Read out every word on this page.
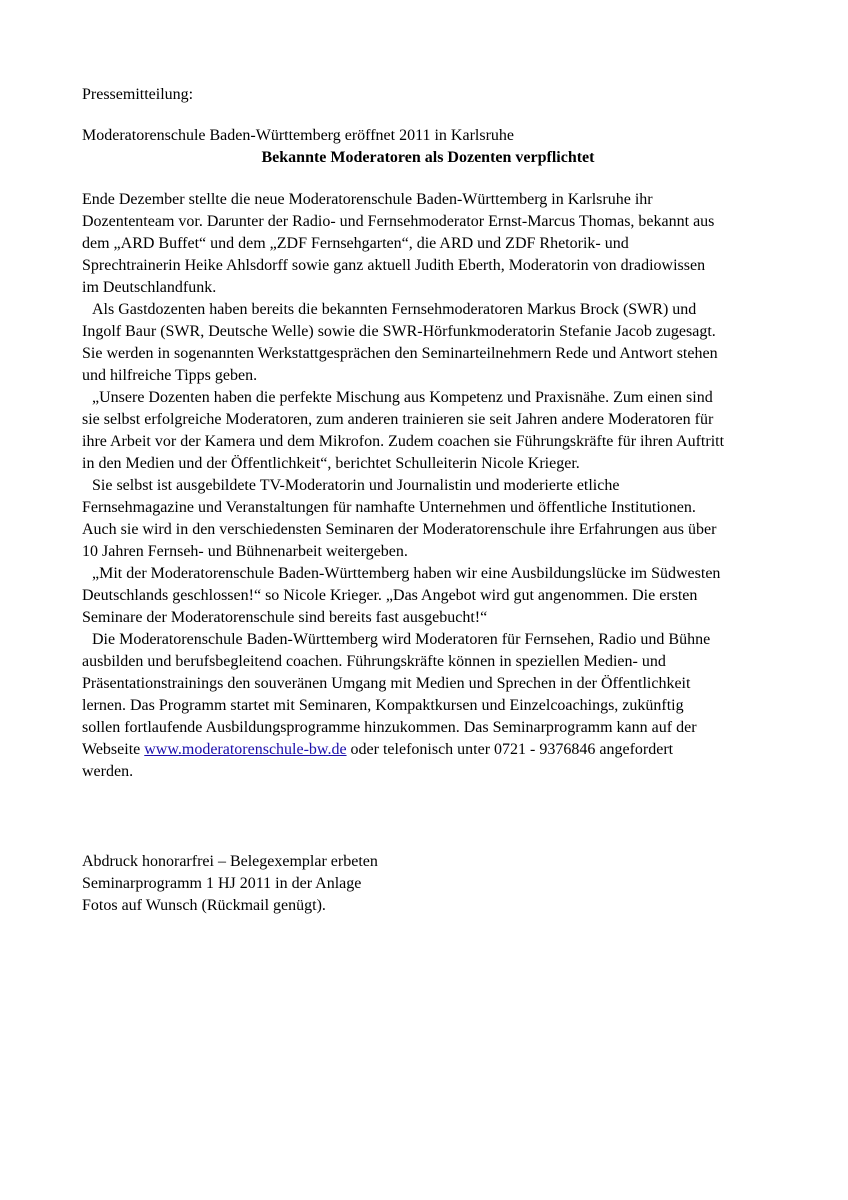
Pressemitteilung:
Moderatorenschule Baden-Württemberg eröffnet 2011 in Karlsruhe
Bekannte Moderatoren als Dozenten verpflichtet
Ende Dezember stellte die neue Moderatorenschule Baden-Württemberg in Karlsruhe ihr
Dozententeam vor. Darunter der Radio- und Fernsehmoderator Ernst-Marcus Thomas, bekannt aus
dem „ARD Buffet“ und dem „ZDF Fernsehgarten“, die ARD und ZDF Rhetorik- und
Sprechtrainerin Heike Ahlsdorff sowie ganz aktuell Judith Eberth, Moderatorin von dradiowissen
im Deutschlandfunk.
Als Gastdozenten haben bereits die bekannten Fernsehmoderatoren Markus Brock (SWR) und
Ingolf Baur (SWR, Deutsche Welle) sowie die SWR-Hörfunkmoderatorin Stefanie Jacob zugesagt.
Sie werden in sogenannten Werkstattgesprächen den Seminarteilnehmern Rede und Antwort stehen
und hilfreiche Tipps geben.
„Unsere Dozenten haben die perfekte Mischung aus Kompetenz und Praxisnähe. Zum einen sind
sie selbst erfolgreiche Moderatoren, zum anderen trainieren sie seit Jahren andere Moderatoren für
ihre Arbeit vor der Kamera und dem Mikrofon. Zudem coachen sie Führungskräfte für ihren Auftritt
in den Medien und der Öffentlichkeit“, berichtet Schulleiterin Nicole Krieger.
Sie selbst ist ausgebildete TV-Moderatorin und Journalistin und moderierte etliche
Fernsehmagazine und Veranstaltungen für namhafte Unternehmen und öffentliche Institutionen.
Auch sie wird in den verschiedensten Seminaren der Moderatorenschule ihre Erfahrungen aus über
10 Jahren Fernseh- und Bühnenarbeit weitergeben.
„Mit der Moderatorenschule Baden-Württemberg haben wir eine Ausbildungslücke im Südwesten
Deutschlands geschlossen!“ so Nicole Krieger. „Das Angebot wird gut angenommen. Die ersten
Seminare der Moderatorenschule sind bereits fast ausgebucht!“
Die Moderatorenschule Baden-Württemberg wird Moderatoren für Fernsehen, Radio und Bühne
ausbilden und berufsbegleitend coachen. Führungskräfte können in speziellen Medien- und
Präsentationstrainings den souveränen Umgang mit Medien und Sprechen in der Öffentlichkeit
lernen. Das Programm startet mit Seminaren, Kompaktkursen und Einzelcoachings, zukünftig
sollen fortlaufende Ausbildungsprogramme hinzukommen. Das Seminarprogramm kann auf der
Webseite www.moderatorenschule-bw.de oder telefonisch unter 0721 - 9376846 angefordert
werden.
Abdruck honorarfrei – Belegexemplar erbeten
Seminarprogramm 1 HJ 2011 in der Anlage
Fotos auf Wunsch (Rückmail genügt).
